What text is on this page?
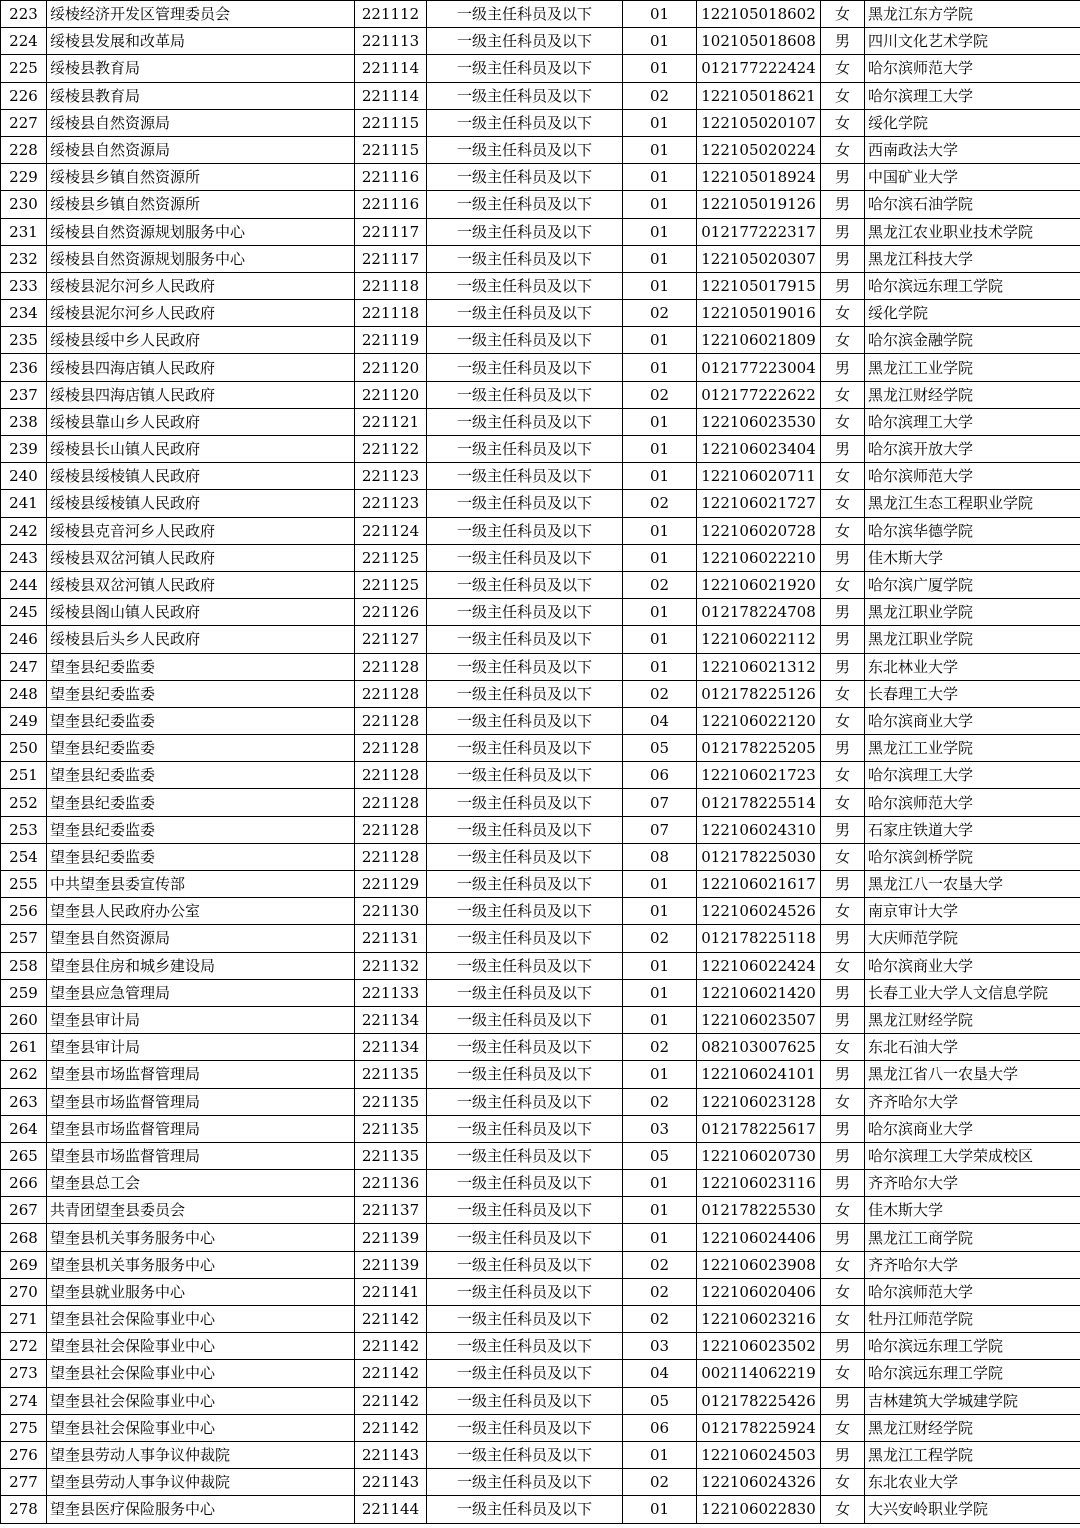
223	绥棱经济开发区管理委员会	221112	一级主任科员及以下	01	122105018602	女	黑龙江东方学院
224	绥棱县发展和改革局	221113	一级主任科员及以下	01	102105018608	男	四川文化艺术学院
225	绥棱县教育局	221114	一级主任科员及以下	01	012177222424	女	哈尔滨师范大学
226	绥棱县教育局	221114	一级主任科员及以下	02	122105018621	女	哈尔滨理工大学
227	绥棱县自然资源局	221115	一级主任科员及以下	01	122105020107	女	绥化学院
228	绥棱县自然资源局	221115	一级主任科员及以下	01	122105020224	女	西南政法大学
229	绥棱县乡镇自然资源所	221116	一级主任科员及以下	01	122105018924	男	中国矿业大学
230	绥棱县乡镇自然资源所	221116	一级主任科员及以下	01	122105019126	男	哈尔滨石油学院
231	绥棱县自然资源规划服务中心	221117	一级主任科员及以下	01	012177222317	男	黑龙江农业职业技术学院
232	绥棱县自然资源规划服务中心	221117	一级主任科员及以下	01	122105020307	男	黑龙江科技大学
233	绥棱县泥尔河乡人民政府	221118	一级主任科员及以下	01	122105017915	男	哈尔滨远东理工学院
234	绥棱县泥尔河乡人民政府	221118	一级主任科员及以下	02	122105019016	女	绥化学院
235	绥棱县绥中乡人民政府	221119	一级主任科员及以下	01	122106021809	女	哈尔滨金融学院
236	绥棱县四海店镇人民政府	221120	一级主任科员及以下	01	012177223004	男	黑龙江工业学院
237	绥棱县四海店镇人民政府	221120	一级主任科员及以下	02	012177222622	女	黑龙江财经学院
238	绥棱县靠山乡人民政府	221121	一级主任科员及以下	01	122106023530	女	哈尔滨理工大学
239	绥棱县长山镇人民政府	221122	一级主任科员及以下	01	122106023404	男	哈尔滨开放大学
240	绥棱县绥棱镇人民政府	221123	一级主任科员及以下	01	122106020711	女	哈尔滨师范大学
241	绥棱县绥棱镇人民政府	221123	一级主任科员及以下	02	122106021727	女	黑龙江生态工程职业学院
242	绥棱县克音河乡人民政府	221124	一级主任科员及以下	01	122106020728	女	哈尔滨华德学院
243	绥棱县双岔河镇人民政府	221125	一级主任科员及以下	01	122106022210	男	佳木斯大学
244	绥棱县双岔河镇人民政府	221125	一级主任科员及以下	02	122106021920	女	哈尔滨广厦学院
245	绥棱县阁山镇人民政府	221126	一级主任科员及以下	01	012178224708	男	黑龙江职业学院
246	绥棱县后头乡人民政府	221127	一级主任科员及以下	01	122106022112	男	黑龙江职业学院
247	望奎县纪委监委	221128	一级主任科员及以下	01	122106021312	男	东北林业大学
248	望奎县纪委监委	221128	一级主任科员及以下	02	012178225126	女	长春理工大学
249	望奎县纪委监委	221128	一级主任科员及以下	04	122106022120	女	哈尔滨商业大学
250	望奎县纪委监委	221128	一级主任科员及以下	05	012178225205	男	黑龙江工业学院
251	望奎县纪委监委	221128	一级主任科员及以下	06	122106021723	女	哈尔滨理工大学
252	望奎县纪委监委	221128	一级主任科员及以下	07	012178225514	女	哈尔滨师范大学
253	望奎县纪委监委	221128	一级主任科员及以下	07	122106024310	男	石家庄铁道大学
254	望奎县纪委监委	221128	一级主任科员及以下	08	012178225030	女	哈尔滨剑桥学院
255	中共望奎县委宣传部	221129	一级主任科员及以下	01	122106021617	男	黑龙江八一农垦大学
256	望奎县人民政府办公室	221130	一级主任科员及以下	01	122106024526	女	南京审计大学
257	望奎县自然资源局	221131	一级主任科员及以下	02	012178225118	男	大庆师范学院
258	望奎县住房和城乡建设局	221132	一级主任科员及以下	01	122106022424	女	哈尔滨商业大学
259	望奎县应急管理局	221133	一级主任科员及以下	01	122106021420	男	长春工业大学人文信息学院
260	望奎县审计局	221134	一级主任科员及以下	01	122106023507	男	黑龙江财经学院
261	望奎县审计局	221134	一级主任科员及以下	02	082103007625	女	东北石油大学
262	望奎县市场监督管理局	221135	一级主任科员及以下	01	122106024101	男	黑龙江省八一农垦大学
263	望奎县市场监督管理局	221135	一级主任科员及以下	02	122106023128	女	齐齐哈尔大学
264	望奎县市场监督管理局	221135	一级主任科员及以下	03	012178225617	男	哈尔滨商业大学
265	望奎县市场监督管理局	221135	一级主任科员及以下	05	122106020730	男	哈尔滨理工大学荣成校区
266	望奎县总工会	221136	一级主任科员及以下	01	122106023116	男	齐齐哈尔大学
267	共青团望奎县委员会	221137	一级主任科员及以下	01	012178225530	女	佳木斯大学
268	望奎县机关事务服务中心	221139	一级主任科员及以下	01	122106024406	男	黑龙江工商学院
269	望奎县机关事务服务中心	221139	一级主任科员及以下	02	122106023908	女	齐齐哈尔大学
270	望奎县就业服务中心	221141	一级主任科员及以下	02	122106020406	女	哈尔滨师范大学
271	望奎县社会保险事业中心	221142	一级主任科员及以下	02	122106023216	女	牡丹江师范学院
272	望奎县社会保险事业中心	221142	一级主任科员及以下	03	122106023502	男	哈尔滨远东理工学院
273	望奎县社会保险事业中心	221142	一级主任科员及以下	04	002114062219	女	哈尔滨远东理工学院
274	望奎县社会保险事业中心	221142	一级主任科员及以下	05	012178225426	男	吉林建筑大学城建学院
275	望奎县社会保险事业中心	221142	一级主任科员及以下	06	012178225924	女	黑龙江财经学院
276	望奎县劳动人事争议仲裁院	221143	一级主任科员及以下	01	122106024503	男	黑龙江工程学院
277	望奎县劳动人事争议仲裁院	221143	一级主任科员及以下	02	122106024326	女	东北农业大学
278	望奎县医疗保险服务中心	221144	一级主任科员及以下	01	122106022830	女	大兴安岭职业学院
